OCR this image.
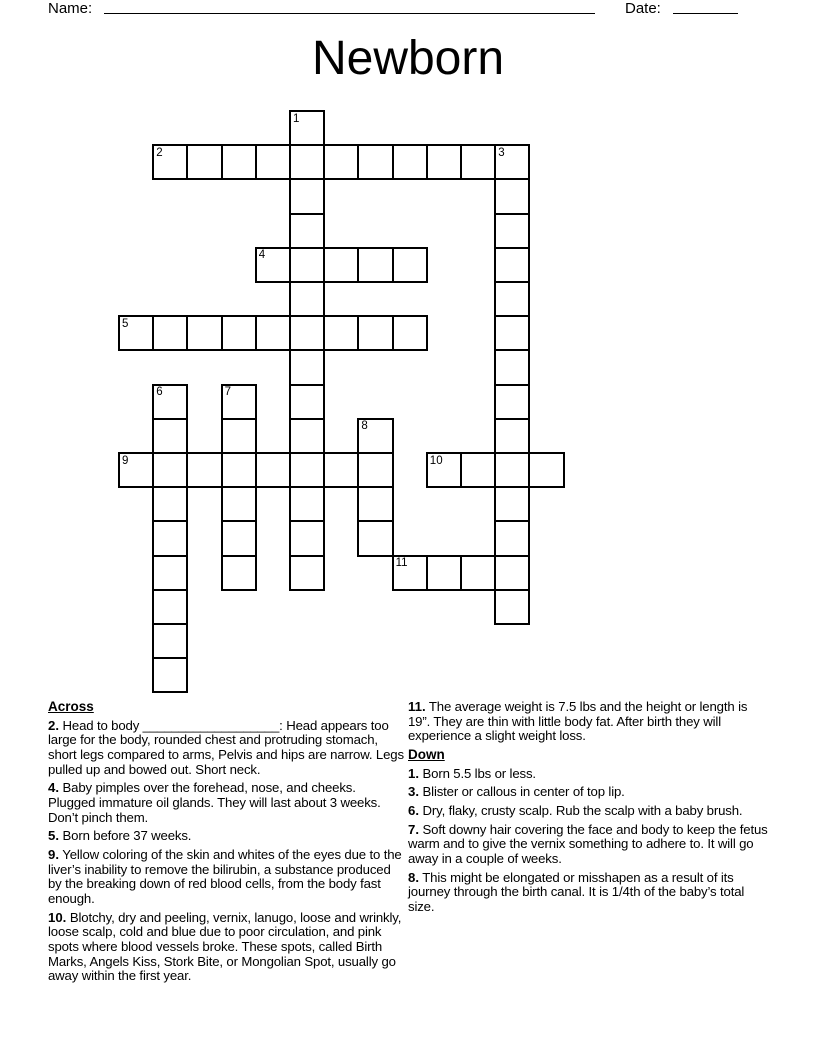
Name:	Date:
Newborn
1
2	3
4
5
6	7
8
9	10
11
Across

2. Head to body ___________________: Head appears too large for the body, rounded chest and protruding stomach, short legs compared to arms, Pelvis and hips are narrow. Legs pulled up and bowed out. Short neck.

4. Baby pimples over the forehead, nose, and cheeks. Plugged immature oil glands. They will last about 3 weeks. Don’t pinch them.

5. Born before 37 weeks.

9. Yellow coloring of the skin and whites of the eyes due to the liver’s inability to remove the bilirubin, a substance produced by the breaking down of red blood cells, from the body fast enough.

10. Blotchy, dry and peeling, vernix, lanugo, loose and wrinkly, loose scalp, cold and blue due to poor circulation, and pink spots where blood vessels broke. These spots, called Birth Marks, Angels Kiss, Stork Bite, or Mongolian Spot, usually go away within the first year.

11. The average weight is 7.5 lbs and the height or length is 19”. They are thin with little body fat. After birth they will experience a slight weight loss.

Down

1. Born 5.5 lbs or less.

3. Blister or callous in center of top lip.

6. Dry, flaky, crusty scalp. Rub the scalp with a baby brush.

7. Soft downy hair covering the face and body to keep the fetus warm and to give the vernix something to adhere to. It will go away in a couple of weeks.

8. This might be elongated or misshapen as a result of its journey through the birth canal. It is 1/4th of the baby’s total size.
